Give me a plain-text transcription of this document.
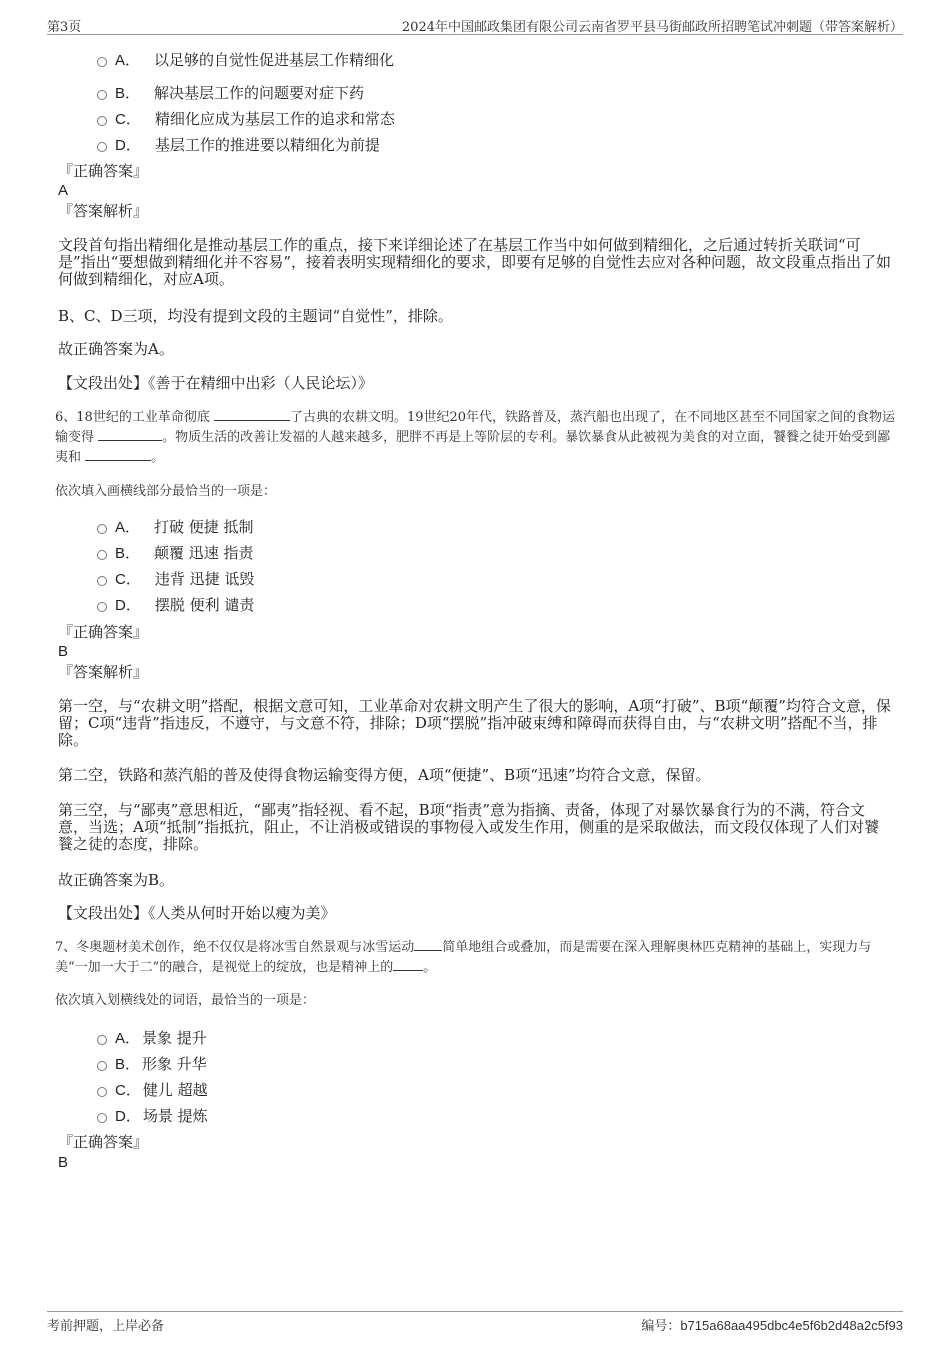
第3页	2024年中国邮政集团有限公司云南省罗平县马街邮政所招聘笔试冲刺题（带答案解析）
A． 以足够的自觉性促进基层工作精细化
B． 解决基层工作的问题要对症下药
C． 精细化应成为基层工作的追求和常态
D． 基层工作的推进要以精细化为前提
『正确答案』
A
『答案解析』
文段首句指出精细化是推动基层工作的重点，接下来详细论述了在基层工作当中如何做到精细化，之后通过转折关联词“可是”指出“要想做到精细化并不容易”，接着表明实现精细化的要求，即要有足够的自觉性去应对各种问题，故文段重点指出了如何做到精细化，对应A项。
B、C、D三项，均没有提到文段的主题词“自觉性”，排除。
故正确答案为A。
【文段出处】《善于在精细中出彩（人民论坛）》
6、18世纪的工业革命彻底	了古典的农耕文明。19世纪20年代，铁路普及，蒸汽船也出现了，在不同地区甚至不同国家之间的食物运输变得	。物质生活的改善让发福的人越来越多，肥胖不再是上等阶层的专利。暴饮暴食从此被视为美食的对立面，饕餮之徒开始受到鄙夷和	。
依次填入画横线部分最恰当的一项是：
A． 打破 便捷 抵制
B． 颠覆 迅速 指责
C． 违背 迅捷 诋毁
D． 摆脱 便利 谴责
『正确答案』
B
『答案解析』
第一空，与“农耕文明”搭配，根据文意可知，工业革命对农耕文明产生了很大的影响，A项“打破”、B项“颠覆”均符合文意，保留；C项“违背”指违反，不遵守，与文意不符，排除；D项“摆脱”指冲破束缚和障碍而获得自由，与“农耕文明”搭配不当，排除。
第二空，铁路和蒸汽船的普及使得食物运输变得方便，A项“便捷”、B项“迅速”均符合文意，保留。
第三空，与“鄙夷”意思相近，“鄙夷”指轻视、看不起，B项“指责”意为指摘、责备，体现了对暴饮暴食行为的不满，符合文意，当选；A项“抵制”指抵抗，阻止，不让消极或错误的事物侵入或发生作用，侧重的是采取做法，而文段仅体现了人们对饕餮之徒的态度，排除。
故正确答案为B。
【文段出处】《人类从何时开始以瘦为美》
7、冬奥题材美术创作，绝不仅仅是将冰雪自然景观与冰雪运动 简单地组合或叠加，而是需要在深入理解奥林匹克精神的基础上，实现力与美“一加一大于二”的融合，是视觉上的绽放，也是精神上的 。
依次填入划横线处的词语，最恰当的一项是：
A． 景象 提升
B． 形象 升华
C． 健儿 超越
D． 场景 提炼
『正确答案』
B
考前押题，上岸必备	编号：b715a68aa495dbc4e5f6b2d48a2c5f93
